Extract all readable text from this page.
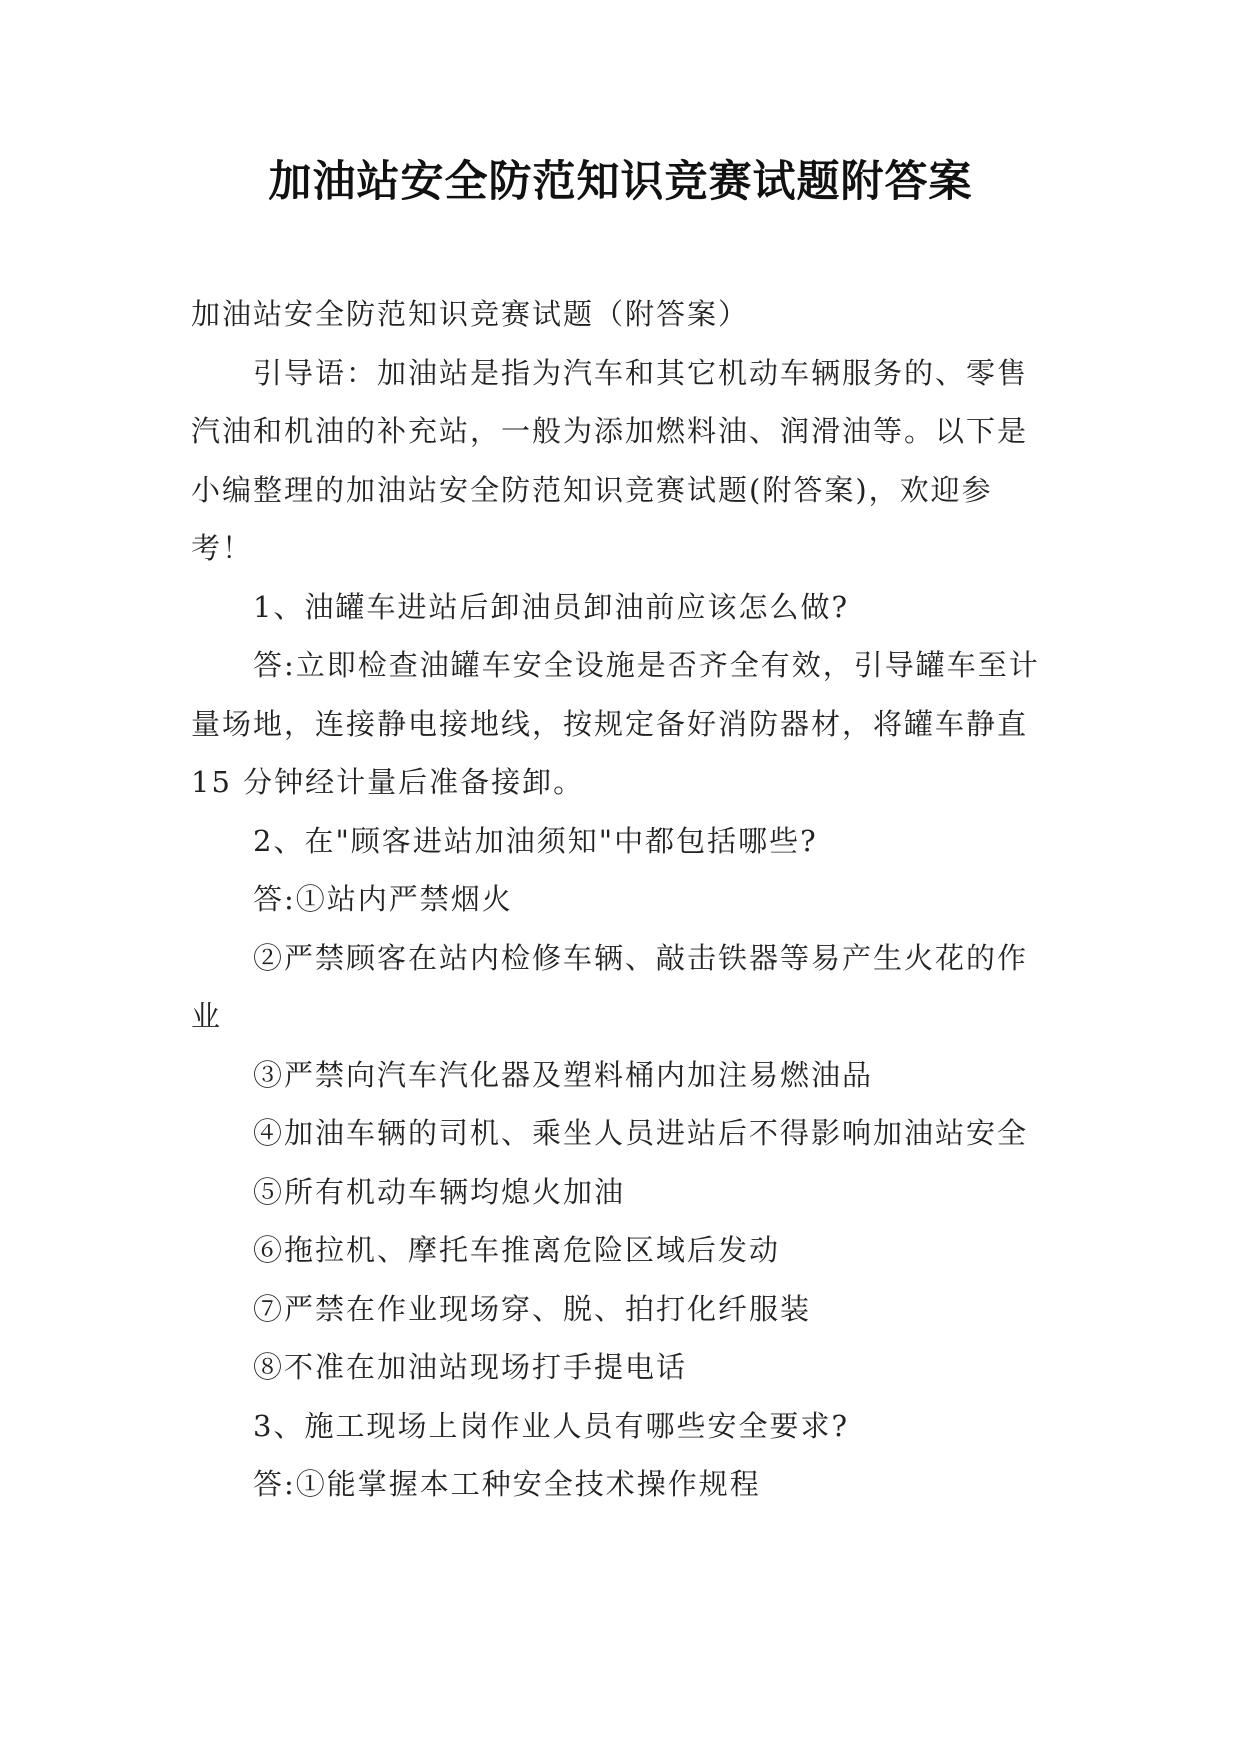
加油站安全防范知识竞赛试题附答案

加油站安全防范知识竞赛试题（附答案）

引导语：加油站是指为汽车和其它机动车辆服务的、零售汽油和机油的补充站，一般为添加燃料油、润滑油等。以下是小编整理的加油站安全防范知识竞赛试题(附答案)，欢迎参考！

1、油罐车进站后卸油员卸油前应该怎么做?

答:立即检查油罐车安全设施是否齐全有效，引导罐车至计量场地，连接静电接地线，按规定备好消防器材，将罐车静直 15 分钟经计量后准备接卸。

2、在"顾客进站加油须知"中都包括哪些?

答:①站内严禁烟火

②严禁顾客在站内检修车辆、敲击铁器等易产生火花的作业

③严禁向汽车汽化器及塑料桶内加注易燃油品

④加油车辆的司机、乘坐人员进站后不得影响加油站安全

⑤所有机动车辆均熄火加油

⑥拖拉机、摩托车推离危险区域后发动

⑦严禁在作业现场穿、脱、拍打化纤服装

⑧不准在加油站现场打手提电话

3、施工现场上岗作业人员有哪些安全要求?

答:①能掌握本工种安全技术操作规程
